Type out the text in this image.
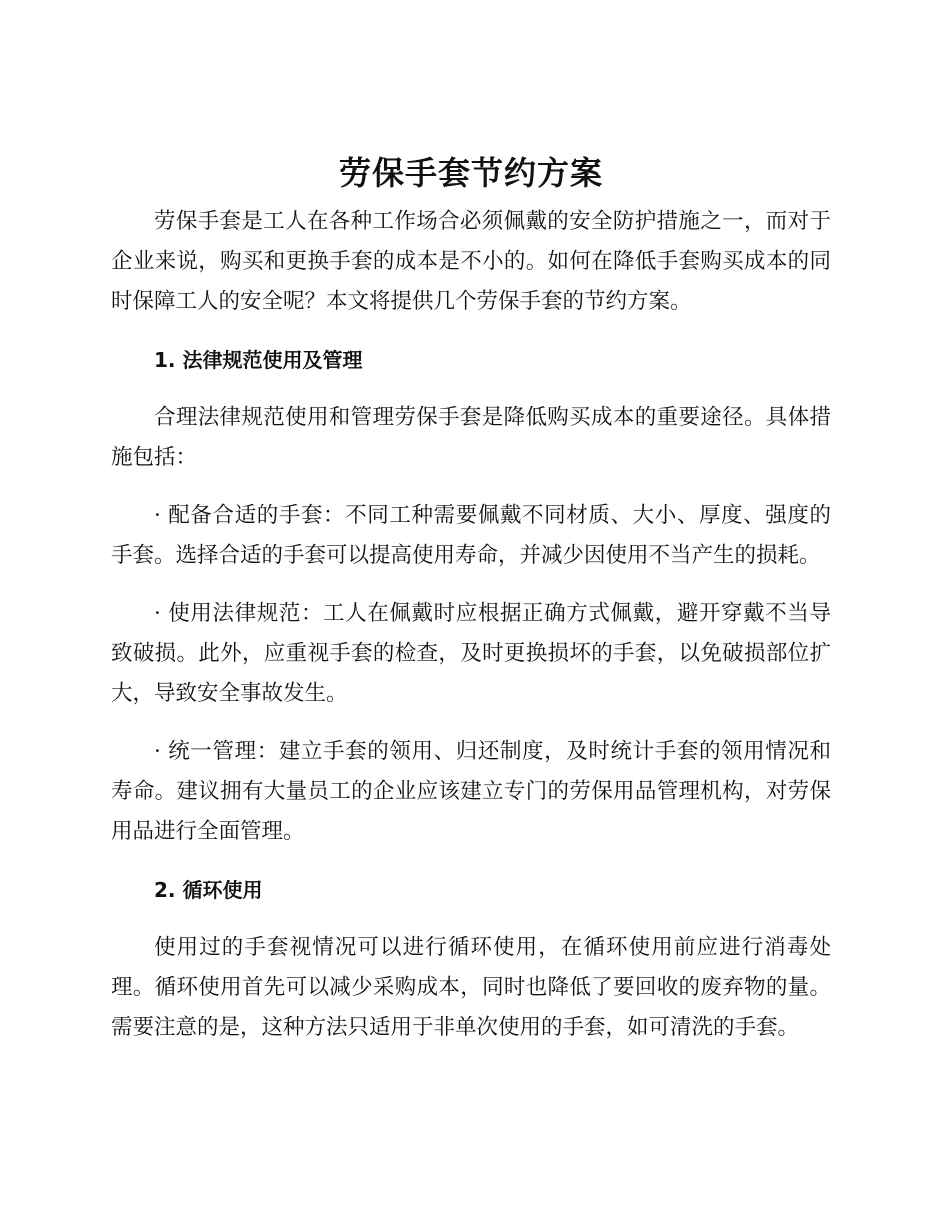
劳保手套节约方案

劳保手套是工人在各种工作场合必须佩戴的安全防护措施之一，而对于企业来说，购买和更换手套的成本是不小的。如何在降低手套购买成本的同时保障工人的安全呢？本文将提供几个劳保手套的节约方案。

1. 法律规范使用及管理

合理法律规范使用和管理劳保手套是降低购买成本的重要途径。具体措施包括：

· 配备合适的手套：不同工种需要佩戴不同材质、大小、厚度、强度的手套。选择合适的手套可以提高使用寿命，并减少因使用不当产生的损耗。

· 使用法律规范：工人在佩戴时应根据正确方式佩戴，避开穿戴不当导致破损。此外，应重视手套的检查，及时更换损坏的手套，以免破损部位扩大，导致安全事故发生。

· 统一管理：建立手套的领用、归还制度，及时统计手套的领用情况和寿命。建议拥有大量员工的企业应该建立专门的劳保用品管理机构，对劳保用品进行全面管理。

2. 循环使用

使用过的手套视情况可以进行循环使用，在循环使用前应进行消毒处理。循环使用首先可以减少采购成本，同时也降低了要回收的废弃物的量。需要注意的是，这种方法只适用于非单次使用的手套，如可清洗的手套。
